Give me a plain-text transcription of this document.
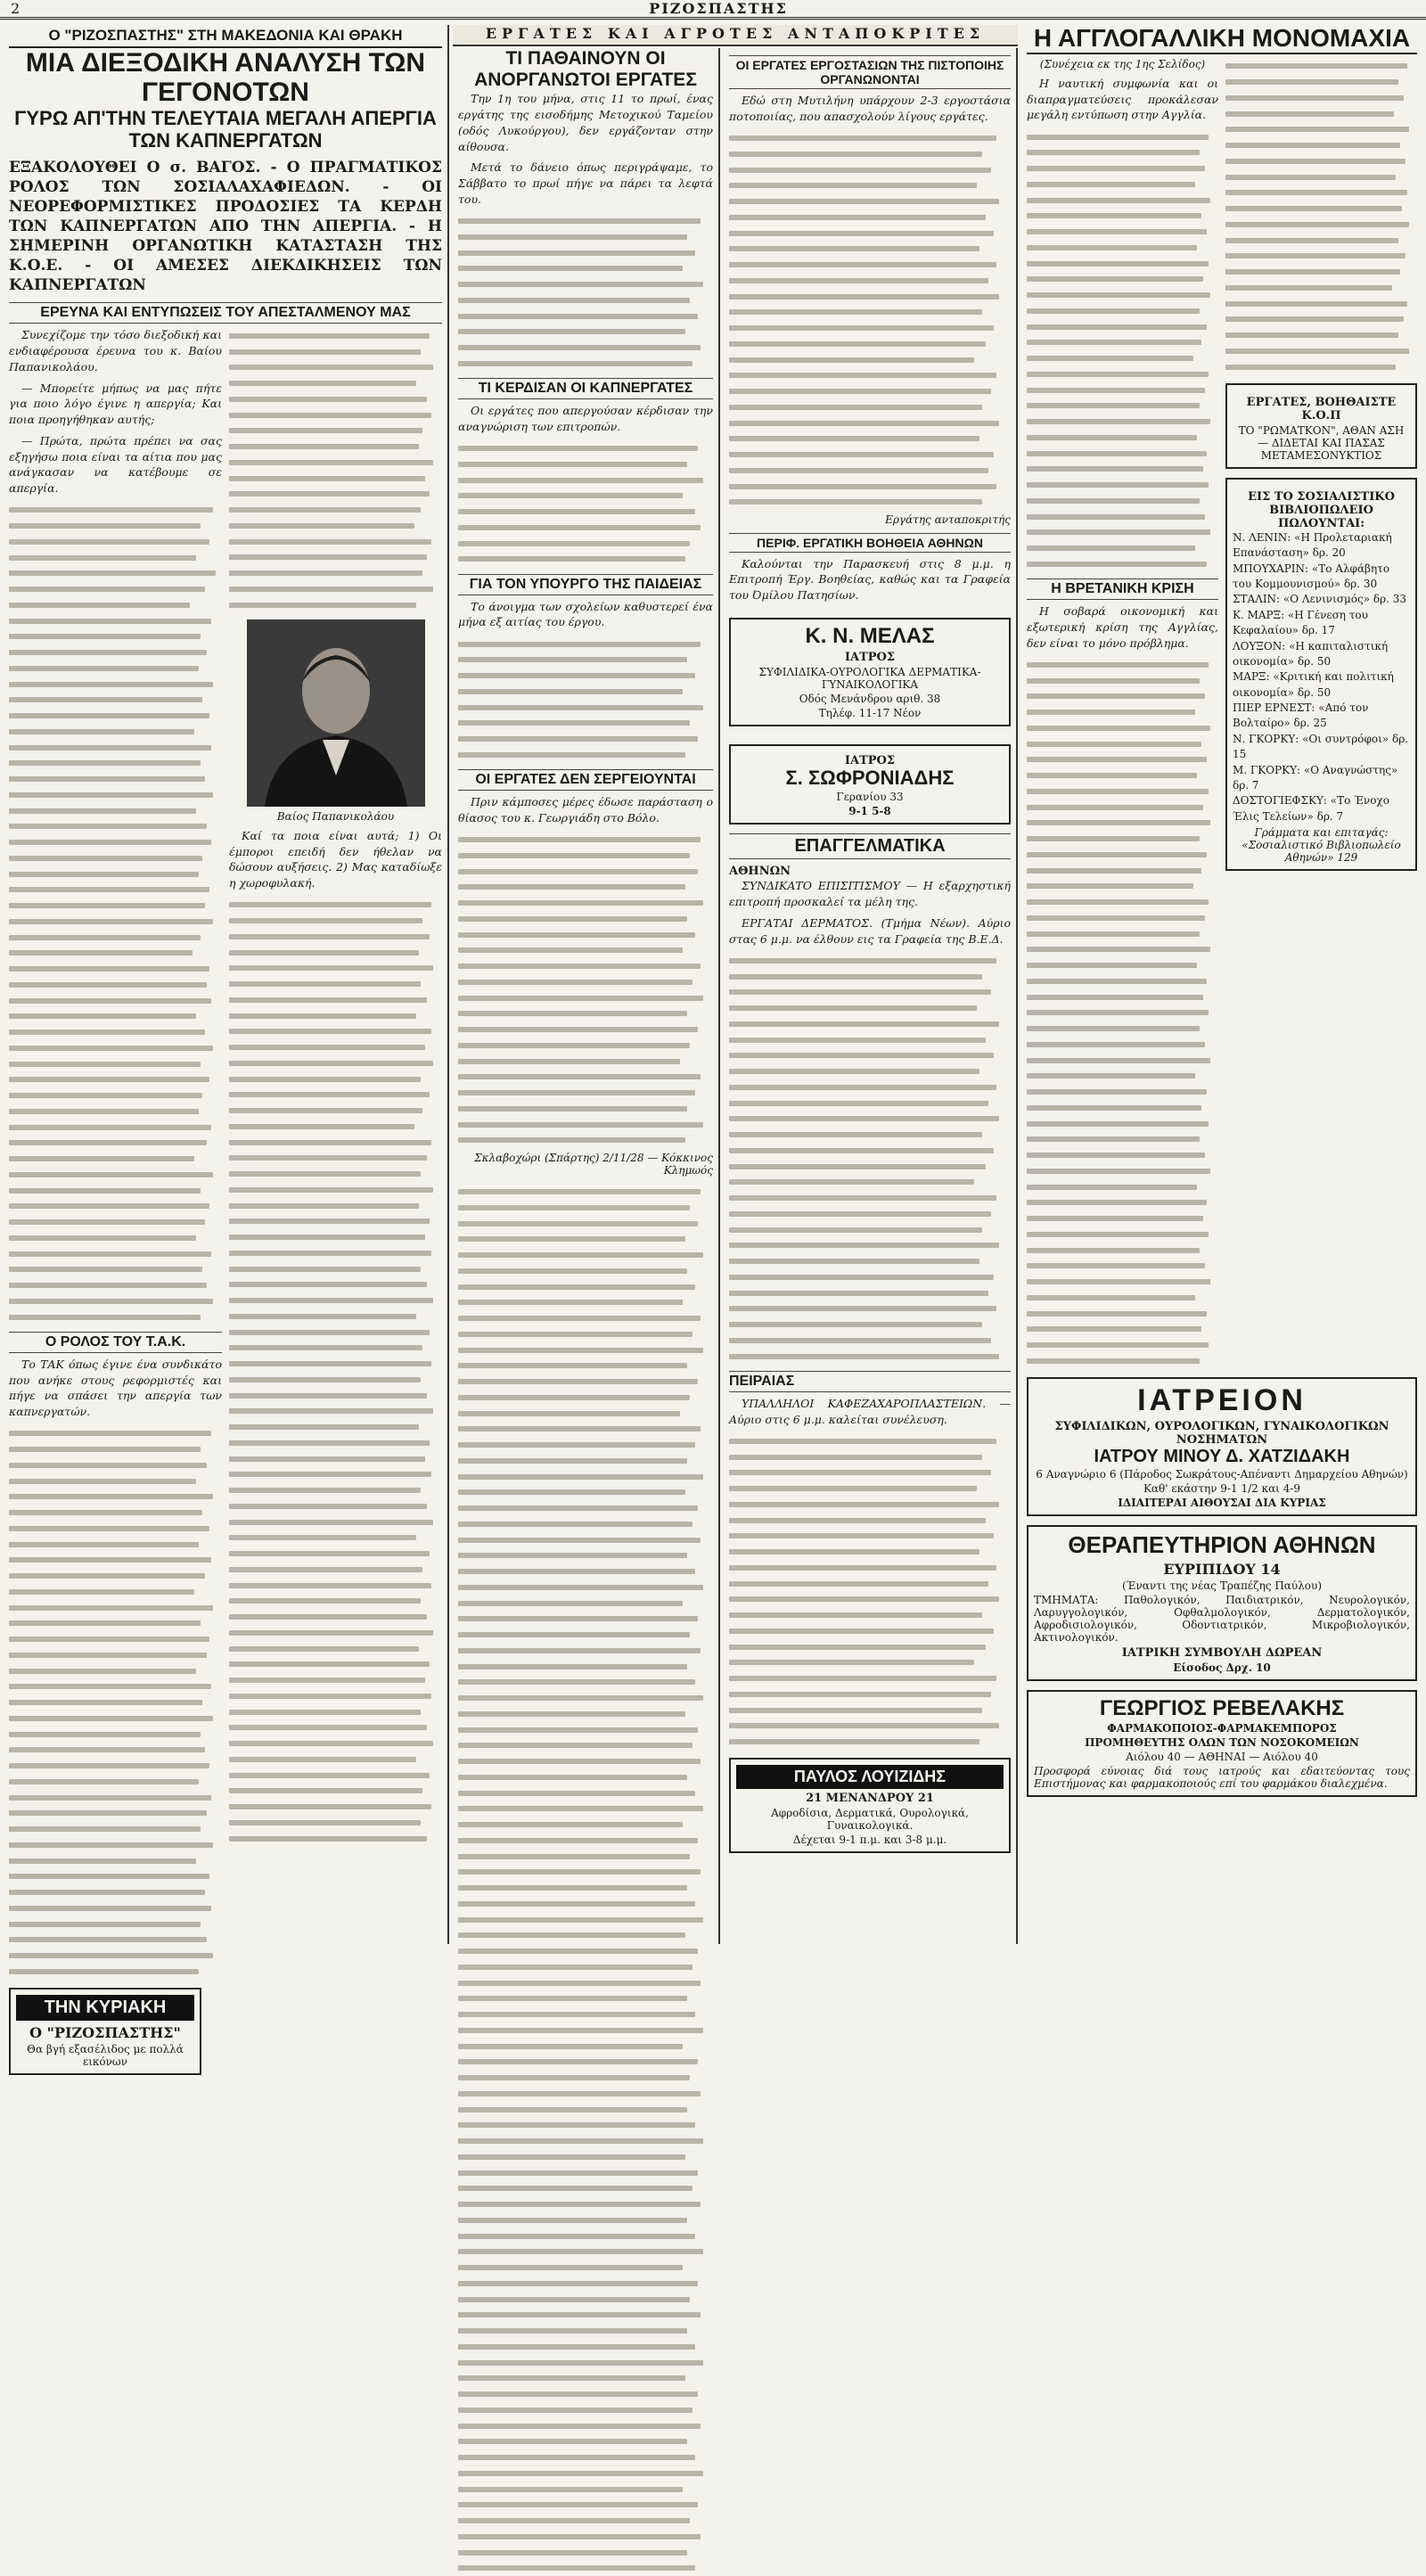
2	ΡΙΖΟΣΠΑΣΤΗΣ
Ο "ΡΙΖΟΣΠΑΣΤΗΣ" ΣΤΗ ΜΑΚΕΔΟΝΙΑ ΚΑΙ ΘΡΑΚΗ
ΜΙΑ ΔΙΕΞΟΔΙΚΗ ΑΝΑΛΥΣΗ ΤΩΝ ΓΕΓΟΝΟΤΩΝ
ΓΥΡΩ ΑΠ'ΤΗΝ ΤΕΛΕΥΤΑΙΑ ΜΕΓΑΛΗ ΑΠΕΡΓΙΑ ΤΩΝ ΚΑΠΝΕΡΓΑΤΩΝ
ΕΞΑΚΟΛΟΥΘΕΙ Ο σ. ΒΑΓΟΣ. - Ο ΠΡΑΓΜΑΤΙΚΟΣ ΡΟΛΟΣ ΤΩΝ ΣΟΣΙΑΛΑΧΑΦΙΕΔΩΝ. - ΟΙ ΝΕΟΡΕΦΟΡΜΙΣΤΙΚΕΣ ΠΡΟΔΟΣΙΕΣ ΤΑ ΚΕΡΔΗ ΤΩΝ ΚΑΠΝΕΡΓΑΤΩΝ ΑΠΟ ΤΗΝ ΑΠΕΡΓΙΑ. - Η ΣΗΜΕΡΙΝΗ ΟΡΓΑΝΩΤΙΚΗ ΚΑΤΑΣΤΑΣΗ ΤΗΣ Κ.Ο.Ε. - ΟΙ ΑΜΕΣΕΣ ΔΙΕΚΔΙΚΗΣΕΙΣ ΤΩΝ ΚΑΠΝΕΡΓΑΤΩΝ
ΕΡΕΥΝΑ ΚΑΙ ΕΝΤΥΠΩΣΕΙΣ ΤΟΥ ΑΠΕΣΤΑΛΜΕΝΟΥ ΜΑΣ

Συνεχίζομε την τόσο διεξοδική και ενδιαφέρουσα έρευνα του κ. Βαίου Παπανικολάου.

— Μπορείτε μήπως να μας πήτε για ποιο λόγο έγινε η απεργία; Και ποια προηγήθηκαν αυτής;

— Πρώτα, πρώτα πρέπει να σας εξηγήσω ποια είναι τα αίτια που μας ανάγκασαν να κατέβουμε σε απεργία.

Ο ΡΟΛΟΣ ΤΟΥ Τ.Α.Κ.

Το ΤΑΚ όπως έγινε ένα συνδικάτο που ανήκε στους ρεφορμιστές και πήγε να σπάσει την απεργία των καπνεργατών.

ΤΗΝ ΚΥΡΙΑΚΗ
Ο "ΡΙΖΟΣΠΑΣΤΗΣ"
Θα βγή εξασέλιδος με πολλά εικόνων
Βαίος Παπανικολάου

Καί τα ποια είναι αυτά; 1) Οι έμποροι επειδή δεν ήθελαν να δώσουν αυξήσεις. 2) Μας καταδίωξε η χωροφυλακή.

ΕΡΓΑΤΕΣ ΚΑΙ ΑΓΡΟΤΕΣ ΑΝΤΑΠΟΚΡΙΤΕΣ
ΤΙ ΠΑΘΑΙΝΟΥΝ ΟΙ ΑΝΟΡΓΑΝΩΤΟΙ ΕΡΓΑΤΕΣ

Την 1η του μήνα, στις 11 το πρωί, ένας εργάτης της εισοδήμης Μετοχικού Ταμείου (οδός Λυκούργου), δεν εργάζονταν στην αίθουσα.

Μετά το δάνειο όπως περιγράψαμε, το Σάββατο το πρωί πήγε να πάρει τα λεφτά του.

ΤΙ ΚΕΡΔΙΣΑΝ ΟΙ ΚΑΠΝΕΡΓΑΤΕΣ

Οι εργάτες που απεργούσαν κέρδισαν την αναγνώριση των επιτροπών.

ΓΙΑ ΤΟΝ ΥΠΟΥΡΓΟ ΤΗΣ ΠΑΙΔΕΙΑΣ

Το άνοιγμα των σχολείων καθυστερεί ένα μήνα εξ αιτίας του έργου.

ΟΙ ΕΡΓΑΤΕΣ ΔΕΝ ΣΕΡΓΕΙΟΥΝΤΑΙ

Πριν κάμποσες μέρες έδωσε παράσταση ο θίασος του κ. Γεωργιάδη στο Βόλο.

Σκλαβοχώρι (Σπάρτης) 2/11/28 — Κόκκινος Κλημωός
ΟΙ ΕΡΓΑΤΕΣ ΕΡΓΟΣΤΑΣΙΩΝ ΤΗΣ ΠΙΣΤΟΠΟΙΗΣ ΟΡΓΑΝΩΝΟΝΤΑΙ

Εδώ στη Μυτιλήνη υπάρχουν 2-3 εργοστάσια ποτοποιίας, που απασχολούν λίγους εργάτες.

Εργάτης ανταποκριτής
ΠΕΡΙΦ. ΕΡΓΑΤΙΚΗ ΒΟΗΘΕΙΑ ΑΘΗΝΩΝ

Καλούνται την Παρασκευή στις 8 μ.μ. η Επιτροπή Έργ. Βοηθείας, καθώς και τα Γραφεία του Όμίλου Πατησίων.

Κ. Ν. ΜΕΛΑΣ
ΙΑΤΡΟΣ
ΣΥΦΙΛΙΔΙΚΑ-ΟΥΡΟΛΟΓΙΚΑ ΔΕΡΜΑΤΙΚΑ-ΓΥΝΑΙΚΟΛΟΓΙΚΑ
Οδός Μενάνδρου αριθ. 38
Τηλέφ. 11-17 Νέον
ΙΑΤΡΟΣ
Σ. ΣΩΦΡΟΝΙΑΔΗΣ
Γερανίου 33
9-1 5-8
ΕΠΑΓΓΕΛΜΑΤΙΚΑ
ΑΘΗΝΩΝ

ΣΥΝΔΙΚΑΤΟ ΕΠΙΣΙΤΙΣΜΟΥ — Η εξαρχηστική επιτροπή προσκαλεί τα μέλη της.

ΕΡΓΑΤΑΙ ΔΕΡΜΑΤΟΣ. (Τμήμα Νέων). Αύριο στας 6 μ.μ. να έλθουν εις τα Γραφεία της Β.Ε.Δ.

ΠΕΙΡΑΙΑΣ

ΥΠΑΛΛΗΛΟΙ ΚΑΦΕΖΑΧΑΡΟΠΛΑΣΤΕΙΩΝ. — Αύριο στις 6 μ.μ. καλείται συνέλευση.

ΠΑΥΛΟΣ ΛΟΥΙΖΙΔΗΣ
21 ΜΕΝΑΝΔΡΟΥ 21
Αφροδίσια, Δερματικά, Ουρολογικά, Γυναικολογικά.
Δέχεται 9-1 π.μ. και 3-8 μ.μ.
Η ΑΓΓΛΟΓΑΛΛΙΚΗ ΜΟΝΟΜΑΧΙΑ
(Συνέχεια εκ της 1ης Σελίδος)

Η ναυτική συμφωνία και οι διαπραγματεύσεις προκάλεσαν μεγάλη εντύπωση στην Αγγλία.

Η ΒΡΕΤΑΝΙΚΗ ΚΡΙΣΗ

Η σοβαρά οικονομική και εξωτερική κρίση της Αγγλίας, δεν είναι το μόνο πρόβλημα.

ΕΡΓΑΤΕΣ, ΒΟΗΘΑΙΣΤΕ Κ.Ο.Π
ΤΟ "ΡΩΜΑΤΚΟΝ", ΑΘΑΝ ΑΣΗ — ΔΙΔΕΤΑΙ ΚΑΙ ΠΑΣΑΣ ΜΕΤΑΜΕΣΟΝΥΚΤΙΟΣ
ΕΙΣ ΤΟ ΣΟΣΙΑΛΙΣΤΙΚΟ ΒΙΒΛΙΟΠΩΛΕΙΟ ΠΩΛΟΥΝΤΑΙ:
Ν. ΛΕΝΙΝ: «Η Προλεταριακή Επανάσταση» δρ. 20
ΜΠΟΥΧΑΡΙΝ: «Το Αλφάβητο του Κομμουνισμού» δρ. 30
ΣΤΑΛΙΝ: «Ο Λενινισμός» δρ. 33
Κ. ΜΑΡΞ: «Η Γένεση του Κεφαλαίου» δρ. 17
ΛΟΥΞΟΝ: «Η καπιταλιστική οικονομία» δρ. 50
ΜΑΡΞ: «Κριτική και πολιτική οικονομία» δρ. 50
ΠΙΕΡ ΕΡΝΕΣΤ: «Από τον Βολταίρο» δρ. 25
Ν. ΓΚΟΡΚΥ: «Οι συντρόφοι» δρ. 15
Μ. ΓΚΟΡΚΥ: «Ο Αναγνώστης» δρ. 7
ΔΟΣΤΟΓΙΕΦΣΚΥ: «Το Ένοχο Έλις Τελείων» δρ. 7
Γράμματα και επιταγάς: «Σοσιαλιστικό Βιβλιοπωλείο Αθηνών» 129
ΙΑΤΡΕΙΟΝ
ΣΥΦΙΛΙΔΙΚΩΝ, ΟΥΡΟΛΟΓΙΚΩΝ, ΓΥΝΑΙΚΟΛΟΓΙΚΩΝ ΝΟΣΗΜΑΤΩΝ
ΙΑΤΡΟΥ ΜΙΝΟΥ Δ. ΧΑΤΖΙΔΑΚΗ
6 Αναγνώριο 6 (Πάροδος Σωκράτους-Απέναντι Δημαρχείου Αθηνών)
Καθ' εκάστην 9-1 1/2 και 4-9
ΙΔΙΑΙΤΕΡΑΙ ΑΙΘΟΥΣΑΙ ΔΙΑ ΚΥΡΙΑΣ
ΘΕΡΑΠΕΥΤΗΡΙΟΝ ΑΘΗΝΩΝ
ΕΥΡΙΠΙΔΟΥ 14
(Έναντι της νέας Τραπέζης Παύλου)
ΤΜΗΜΑΤΑ: Παθολογικόν, Παιδιατρικόν, Νευρολογικόν, Λαρυγγολογικόν, Οφθαλμολογικόν, Δερματολογικόν, Αφροδισιολογικόν, Οδοντιατρικόν, Μικροβιολογικόν, Ακτινολογικόν.
ΙΑΤΡΙΚΗ ΣΥΜΒΟΥΛΗ ΔΩΡΕΑΝ
Είσοδος Δρχ. 10
ΓΕΩΡΓΙΟΣ ΡΕΒΕΛΑΚΗΣ
ΦΑΡΜΑΚΟΠΟΙΟΣ-ΦΑΡΜΑΚΕΜΠΟΡΟΣ
ΠΡΟΜΗΘΕΥΤΗΣ ΟΛΩΝ ΤΩΝ ΝΟΣΟΚΟΜΕΙΩΝ
Αιόλου 40 — ΑΘΗΝΑΙ — Αιόλου 40
Προσφορά εύνοιας διά τους ιατρούς και εδαιτεύοντας τους Επιστήμονας και φαρμακοποιούς επί του φαρμάκου διαλεχμένα.
